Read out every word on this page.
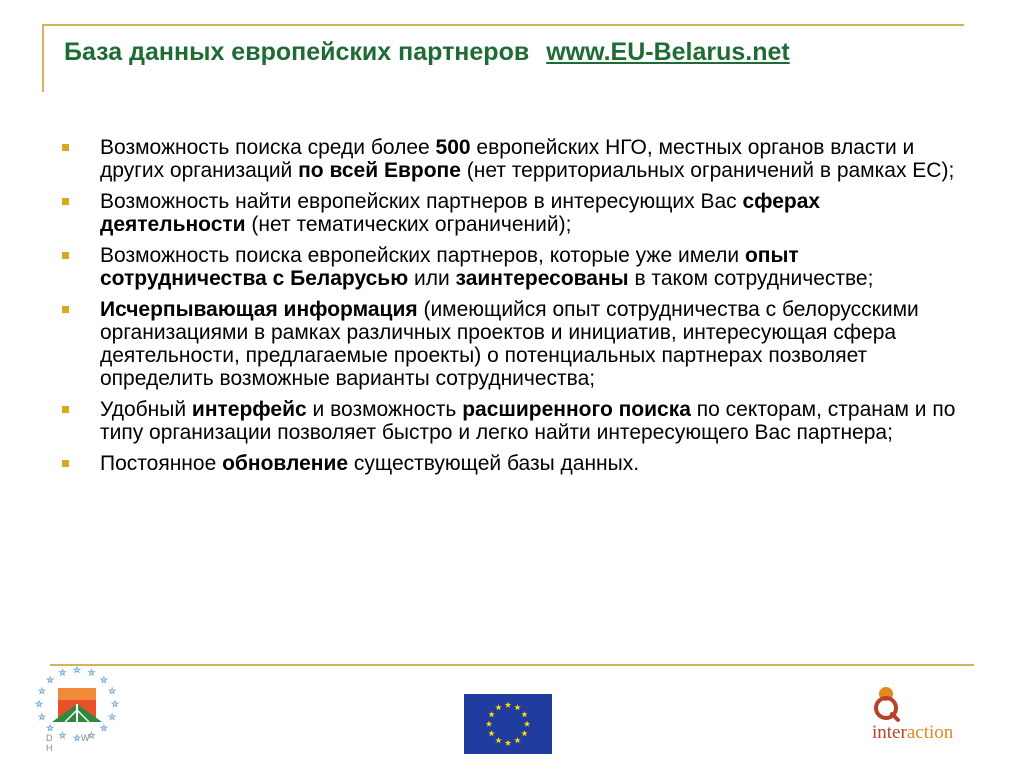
База данных европейских партнеров www.EU-Belarus.net
Возможность поиска среди более 500 европейских НГО, местных органов власти и других организаций по всей Европе (нет территориальных ограничений в рамках ЕС);
Возможность найти европейских партнеров в интересующих Вас сферах деятельности (нет тематических ограничений);
Возможность поиска европейских партнеров, которые уже имели опыт сотрудничества с Беларусью или заинтересованы в таком сотрудничестве;
Исчерпывающая информация (имеющийся опыт сотрудничества с белорусскими организациями в рамках различных проектов и инициатив, интересующая сфера деятельности, предлагаемые проекты) о потенциальных партнерах позволяет определить возможные варианты сотрудничества;
Удобный интерфейс и возможность расширенного поиска по секторам, странам и по типу организации позволяет быстро и легко найти интересующего Вас партнера;
Постоянное обновление существующей базы данных.
D W H
interaction
